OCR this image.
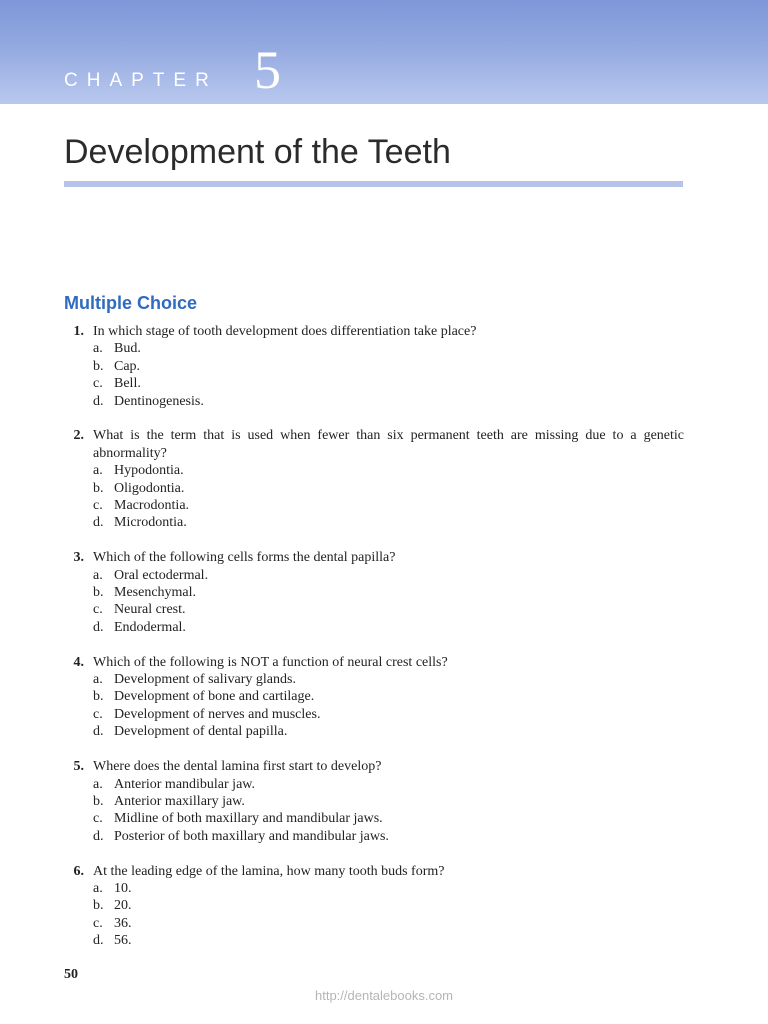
CHAPTER 5
Development of the Teeth
Multiple Choice
1. In which stage of tooth development does differentiation take place?
a. Bud.
b. Cap.
c. Bell.
d. Dentinogenesis.
2. What is the term that is used when fewer than six permanent teeth are missing due to a genetic abnormality?
a. Hypodontia.
b. Oligodontia.
c. Macrodontia.
d. Microdontia.
3. Which of the following cells forms the dental papilla?
a. Oral ectodermal.
b. Mesenchymal.
c. Neural crest.
d. Endodermal.
4. Which of the following is NOT a function of neural crest cells?
a. Development of salivary glands.
b. Development of bone and cartilage.
c. Development of nerves and muscles.
d. Development of dental papilla.
5. Where does the dental lamina first start to develop?
a. Anterior mandibular jaw.
b. Anterior maxillary jaw.
c. Midline of both maxillary and mandibular jaws.
d. Posterior of both maxillary and mandibular jaws.
6. At the leading edge of the lamina, how many tooth buds form?
a. 10.
b. 20.
c. 36.
d. 56.
50
http://dentalebooks.com
